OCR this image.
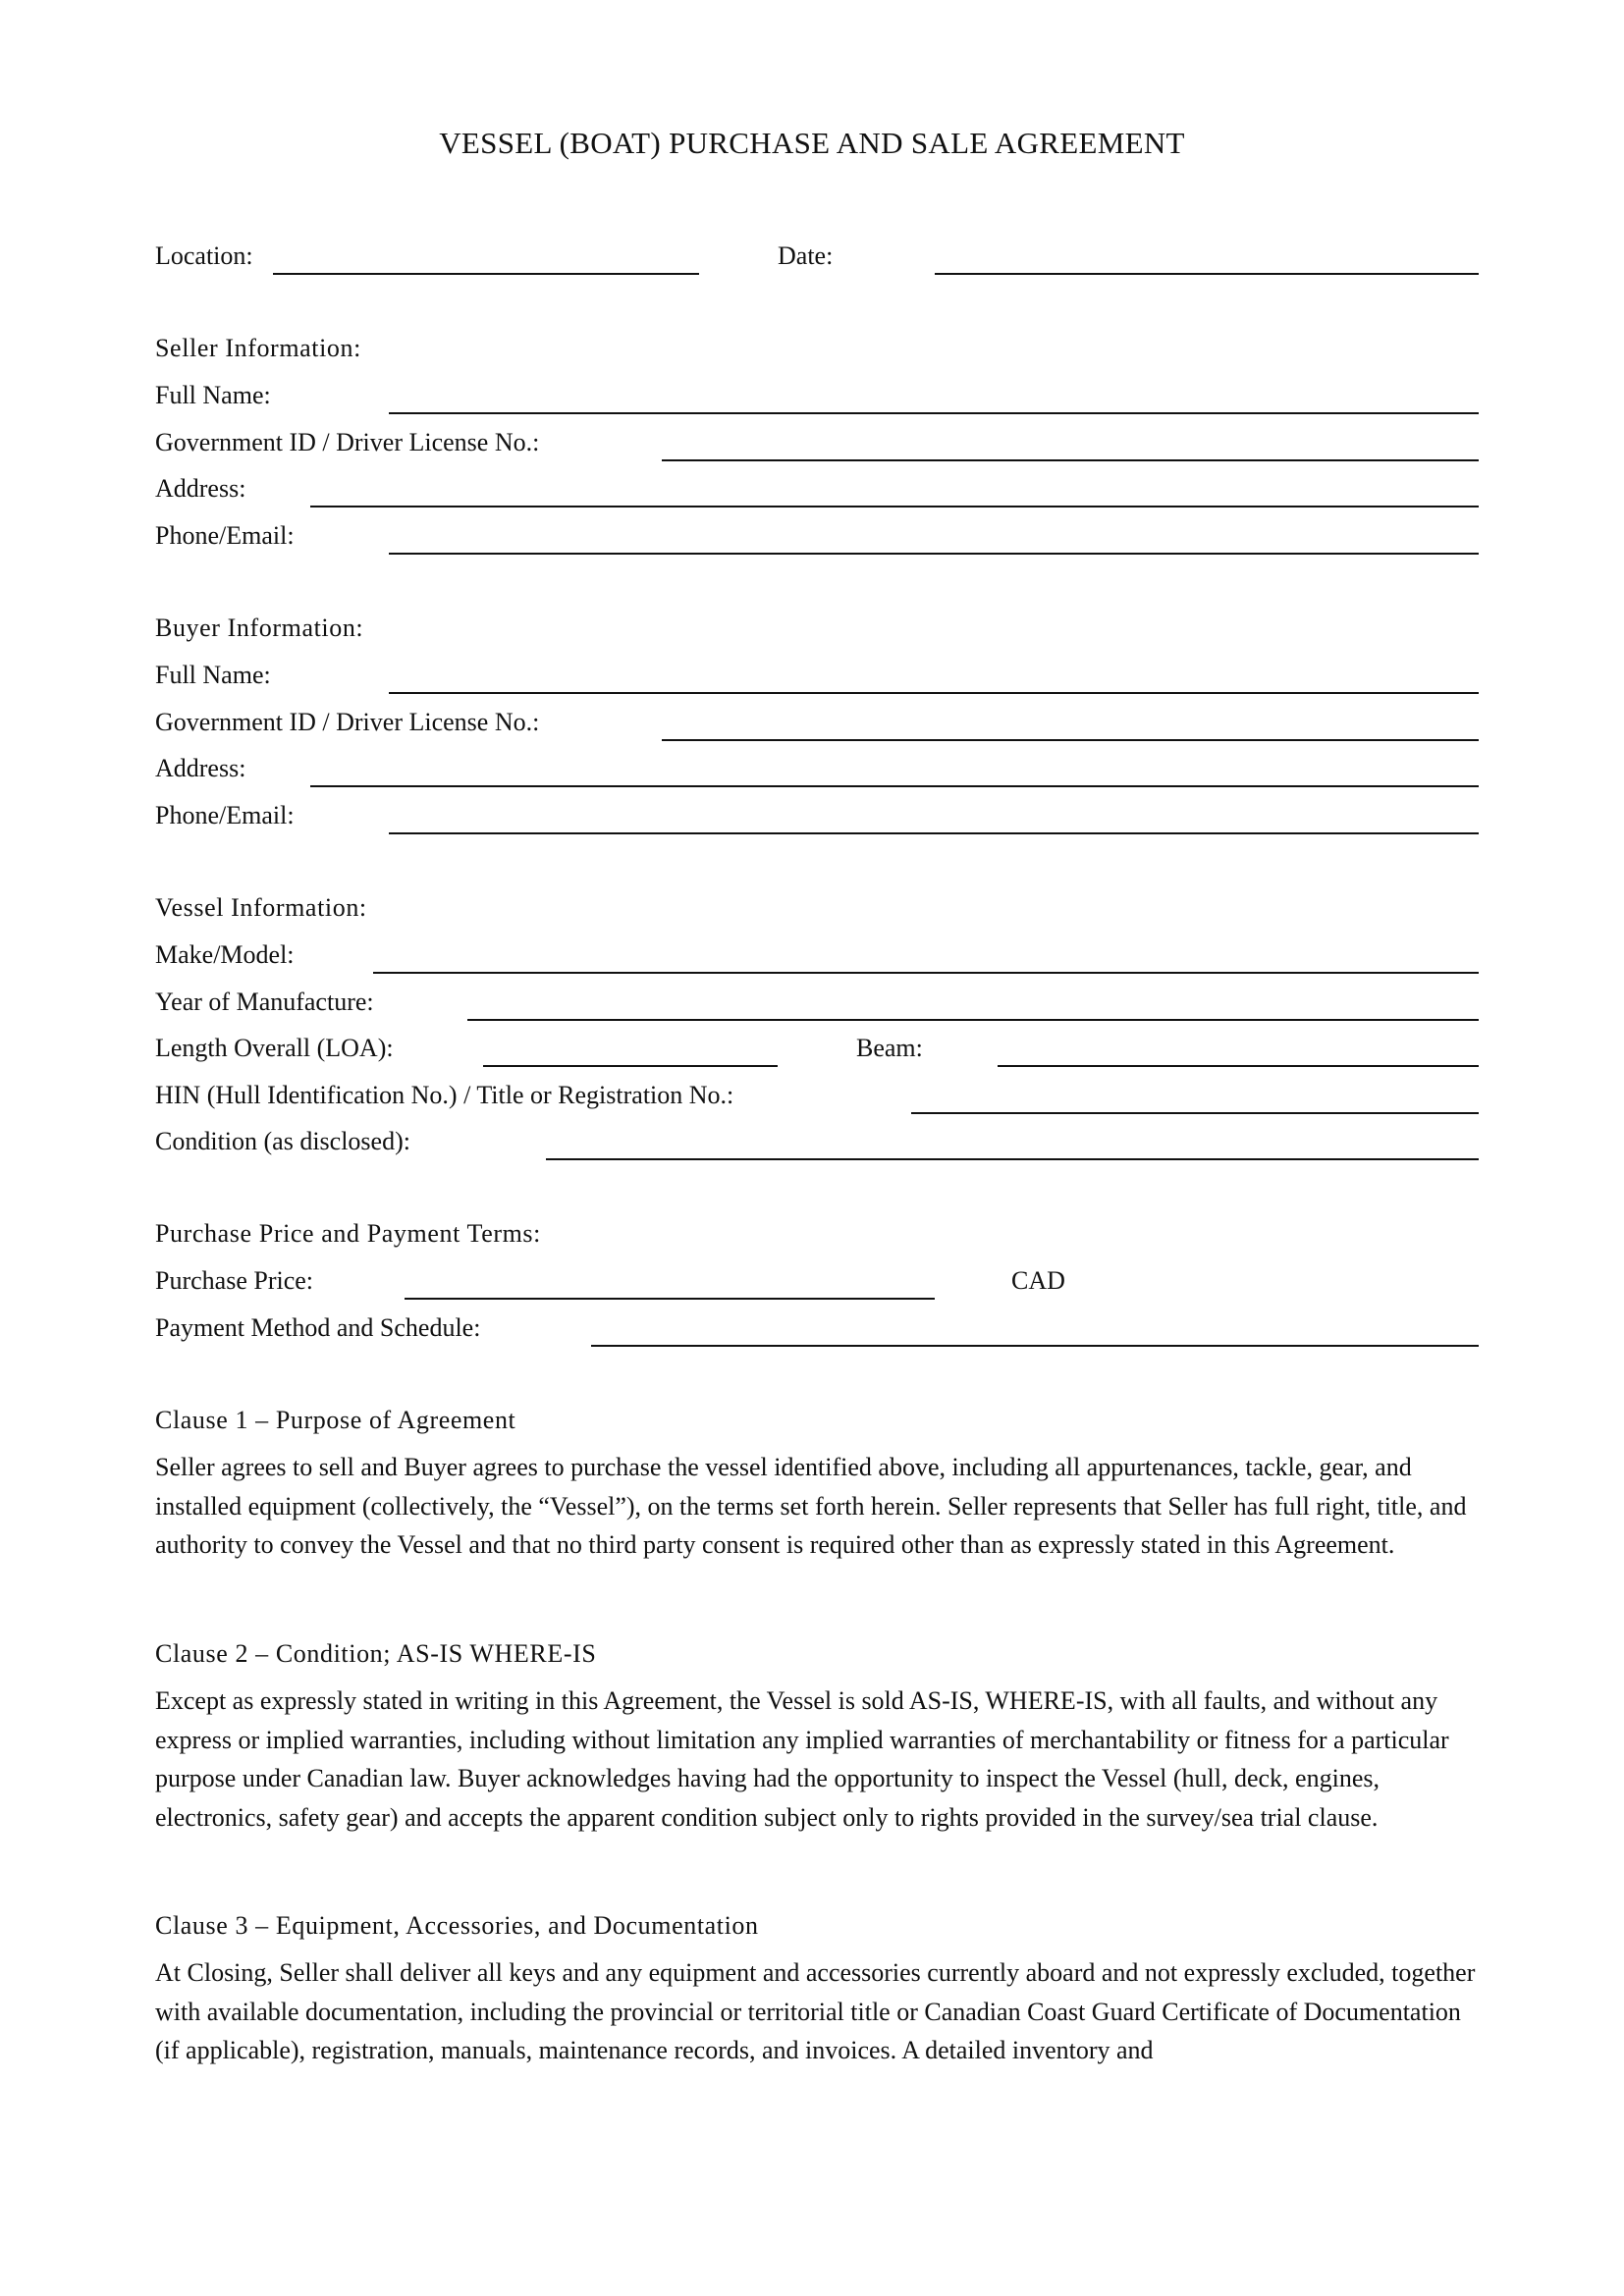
VESSEL (BOAT) PURCHASE AND SALE AGREEMENT
Location:	Date:
Seller Information:
Full Name:
Government ID / Driver License No.:
Address:
Phone/Email:
Buyer Information:
Full Name:
Government ID / Driver License No.:
Address:
Phone/Email:
Vessel Information:
Make/Model:
Year of Manufacture:
Length Overall (LOA):	Beam:
HIN (Hull Identification No.) / Title or Registration No.:
Condition (as disclosed):
Purchase Price and Payment Terms:
Purchase Price:	CAD
Payment Method and Schedule:
Clause 1 – Purpose of Agreement

Seller agrees to sell and Buyer agrees to purchase the vessel identified above, including all appurtenances, tackle, gear, and installed equipment (collectively, the “Vessel”), on the terms set forth herein. Seller represents that Seller has full right, title, and authority to convey the Vessel and that no third party consent is required other than as expressly stated in this Agreement.

Clause 2 – Condition; AS-IS WHERE-IS

Except as expressly stated in writing in this Agreement, the Vessel is sold AS-IS, WHERE-IS, with all faults, and without any express or implied warranties, including without limitation any implied warranties of merchantability or fitness for a particular purpose under Canadian law. Buyer acknowledges having had the opportunity to inspect the Vessel (hull, deck, engines, electronics, safety gear) and accepts the apparent condition subject only to rights provided in the survey/sea trial clause.

Clause 3 – Equipment, Accessories, and Documentation

At Closing, Seller shall deliver all keys and any equipment and accessories currently aboard and not expressly excluded, together with available documentation, including the provincial or territorial title or Canadian Coast Guard Certificate of Documentation (if applicable), registration, manuals, maintenance records, and invoices. A detailed inventory and
